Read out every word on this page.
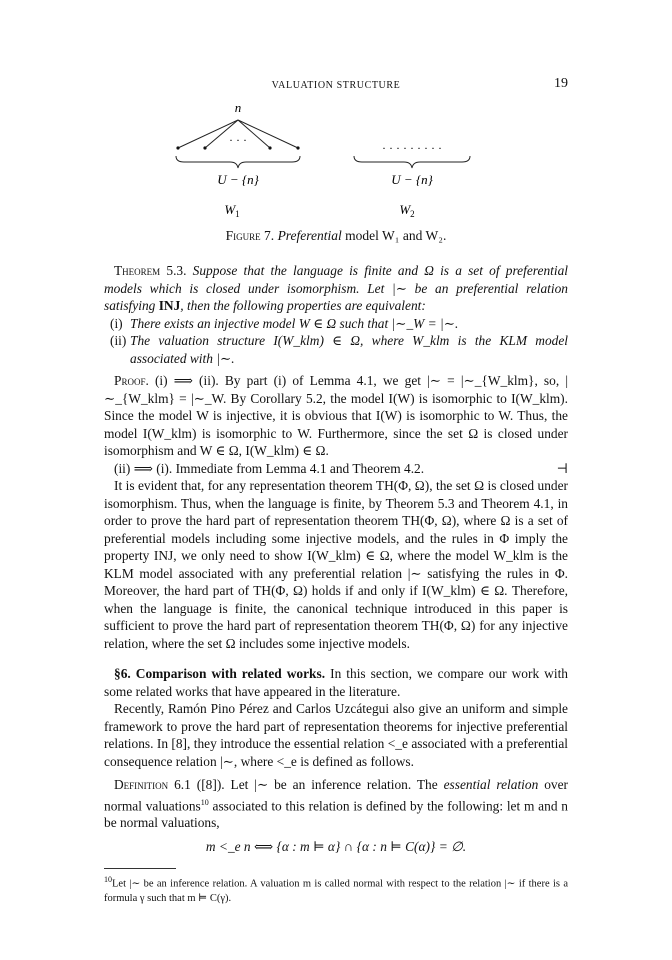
VALUATION STRUCTURE	19
n
· · ·
· · · · · · · · ·
U − {n}	U − {n}
$W_1$	$W_2$
Figure 7. Preferential model W₁ and W₂.

Theorem 5.3. Suppose that the language is finite and Ω is a set of preferential models which is closed under isomorphism. Let |∼ be an preferential relation satisfying INJ, then the following properties are equivalent:

(i) There exists an injective model W ∈ Ω such that |∼_W = |∼.
(ii) The valuation structure I(W_klm) ∈ Ω, where W_klm is the KLM model associated with |∼.

Proof. (i) ⟹ (ii). By part (i) of Lemma 4.1, we get |∼ = |∼_{W_klm}, so, |∼_{W_klm} = |∼_W. By Corollary 5.2, the model I(W) is isomorphic to I(W_klm). Since the model W is injective, it is obvious that I(W) is isomorphic to W. Thus, the model I(W_klm) is isomorphic to W. Furthermore, since the set Ω is closed under isomorphism and W ∈ Ω, I(W_klm) ∈ Ω.

(ii) ⟹ (i). Immediate from Lemma 4.1 and Theorem 4.2.	⊣

It is evident that, for any representation theorem TH(Φ, Ω), the set Ω is closed under isomorphism. Thus, when the language is finite, by Theorem 5.3 and Theorem 4.1, in order to prove the hard part of representation theorem TH(Φ, Ω), where Ω is a set of preferential models including some injective models, and the rules in Φ imply the property INJ, we only need to show I(W_klm) ∈ Ω, where the model W_klm is the KLM model associated with any preferential relation |∼ satisfying the rules in Φ. Moreover, the hard part of TH(Φ, Ω) holds if and only if I(W_klm) ∈ Ω. Therefore, when the language is finite, the canonical technique introduced in this paper is sufficient to prove the hard part of representation theorem TH(Φ, Ω) for any injective relation, where the set Ω includes some injective models.

§6. Comparison with related works. In this section, we compare our work with some related works that have appeared in the literature.

Recently, Ramón Pino Pérez and Carlos Uzcátegui also give an uniform and simple framework to prove the hard part of representation theorems for injective preferential relations. In [8], they introduce the essential relation <_e associated with a preferential consequence relation |∼, where <_e is defined as follows.

Definition 6.1 ([8]). Let |∼ be an inference relation. The essential relation over normal valuations$^{10}$ associated to this relation is defined by the following: let m and n be normal valuations,

m <_e n ⟺ {α : m ⊨ α} ∩ {α : n ⊨ C(α)} = ∅.
$^{10}$Let |∼ be an inference relation. A valuation m is called normal with respect to the relation |∼ if there is a formula γ such that m ⊨ C(γ).
